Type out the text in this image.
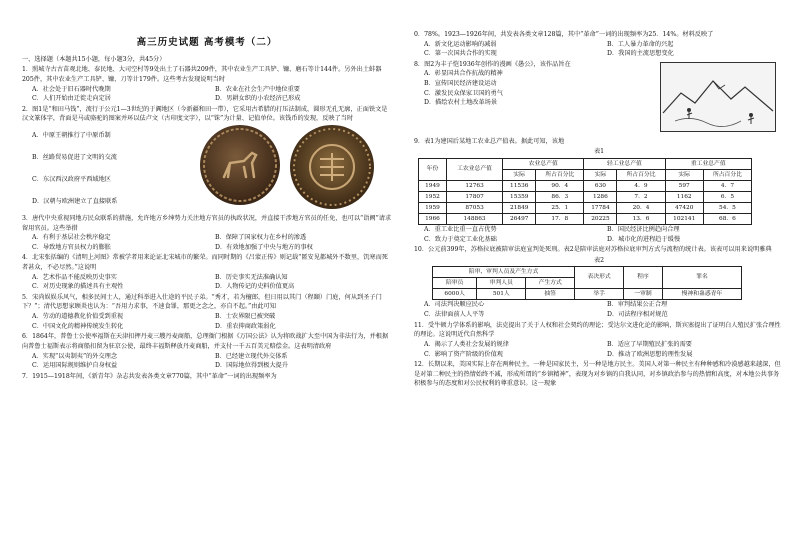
高三历史试题 高考模考（二）
一、选择题（本题共15小题，每小题3分，共45分）
1．照城寺古古苗观北地、泰民地、大司空村等9处出土了石器共209件，其中农业生产工具铲、镰、磨石等计144件。另外出土蚌器205件，其中农业生产工具铲、镰、刀等计179件。这些考古发现说明当时
A．社会处于旧石器时代晚期	B．农业在社会生产中地位重要
C．人们开始由迁徙走向定居	D．男耕女织的小农经济已形成
2．图1是“和田马钱”，流行于公元1—3世纪的于阗地区（今新疆和田一带），它采用古希腊的打压法制成，圆形无孔无廓，正面铁文是汉文篆体字，背面是马或骆驼的图案并环以佉卢文（古印度文字），以“铢”为计量、记值单位。该钱币的发现，反映了当时
A．中原王朝推行了中原币制
B．丝路贸易促进了文明的交流
C．东汉西汉政府平西域地区
D．汉朝与欧洲建立了直接联系
3．唐代中央重视同地方民众联系的措施，允许地方乡绅势力关注地方官员的执政状况，并直接干涉地方官员的任免，也可以“诣阙”请求留用官员。这些举措
A．有利于基层社会秩序稳定	B．保障了国家权力在乡村的渗透
C．导致地方官员权力的膨胀	D．有效地加强了中央与地方的事权
4．北宋张括编的《清明上河图》常被学者用来论证北宋城市的繁荣。而同时期的《吕蒙正传》则记载“匿安见都城外不数里，饥寒而死者甚众，不必尽然。”这说明
A．艺术作品不能反映历史事实	B．历史事实无法准确认知
C．对历史现象的描述具有主观性	D．人物传记的史料价值更高
5．宋尚娱娱乐风气，相多民间士人，通过科举进入仕途的平民子弟。“秀才，若为檀郎，但日用以其门（程颐）门庭，何从到圣子门下？”；清代思想家顾炎也认为：“吾用力求事，不速食罪，那更之念之，亦自不起。”由此可知
A．劳动的道德教化价值受到重视	B．士农界限已被突破
C．中国文化的精神传统发生转化	D．重农抑商政策弱化
6．1864年，普鲁士公使率福斯在天津扣押丹麦三艘丹麦商船，总理衙门根据《万国公法》认为将欧战扩大至中国为非法行为，并根据向普鲁士福斯表示将商船扣留为驻京公使，最终丰福斯释放丹麦商船，并支付一千五百美元赔偿金。这表明清政府
A．实现“以夷制夷”的外交理念	B．已经建立现代外交体系
C．运用国际规则维护自身权益	D．国际地位得到极大提升
7．1915—1918年间，《新青年》杂志共发表各类文章770篇，其中“革命”一词的出现频率为
0．78%。1923—1926年间，共发表各类文章128篇，其中“革命”一词的出现频率为25．14%。材料反映了
A．新文化运动影响的减弱	B．工人暴力革命的兴起
C．第一次国共合作的实现	D．我国的主流思想变化
8．图2为丰子恺1936年创作的漫画《愚公》，该作品旨在
A．彰显国共合作抗战的精神
B．宣传国民经济建设运动
C．激发民众保家卫国的勇气
D．描绘农村土地改革场景
9．表1为建国后某地工农业总产值表。据此可知，该地
表1
年份	工农业总产值	农业总产值		轻工业总产值		重工业总产值	
		实际	所占百分比	实际	所占百分比	实际	所占百分比
1949	12763	11536	90．4	630	4．9	597	4．7
1952	17807	15359	86．3	1286	7．2	1162	6．5
1959	87053	21849	25．1	17784	20．4	47420	54．5
1966	148863	26497	17．8	20225	13．6	102141	68．6
A．重工业比重一直占优势	B．国民经济比例趋向合理
C．致力于奠定工业化基础	D．城市化的进程趋于缓慢
10．公元前399年，苏格拉底被陪审法庭宣判处死刑。表2是陪审法庭对苏格拉底审判方式与流程的统计表。该表可以用来说明雅典
表2
陪审、审判人员及产生方式			表决形式	程序	罪名
陪审员	审判人员	产生方式			
6000人	501人	抽签	举手	一审制	慢神和蛊惑青年
A．司法判决顺应民心	B．审判结果公正合理
C．法律面前人人平等	D．司法程序相对规范
11．受牛顿力学体系的影响，法克提出了关于人权和社会契约的理论；受达尔文进化论的影响，斯宾塞提出了证明白人殖民扩张合理性的理论。这说明近代自然科学
A．揭示了人类社会发展的规律	B．适应了早期殖民扩张的需要
C．影响了资产阶级的价值观	D．推动了欧洲思想的理性发展
12．长期以来，美国实际上存在两种民主，一种是国家民主，另一种是地方民主。美国人对第一种民主有种种感和冷漠感越来越深，但是对第二种民主的热情始终不减，形成所谓的“乡镇精神”，表现为对乡镇的自我认同，对乡镇政治参与的热情和高度，对本地公共事务积极参与的态度和对公民权利的尊重意识。这一现象
